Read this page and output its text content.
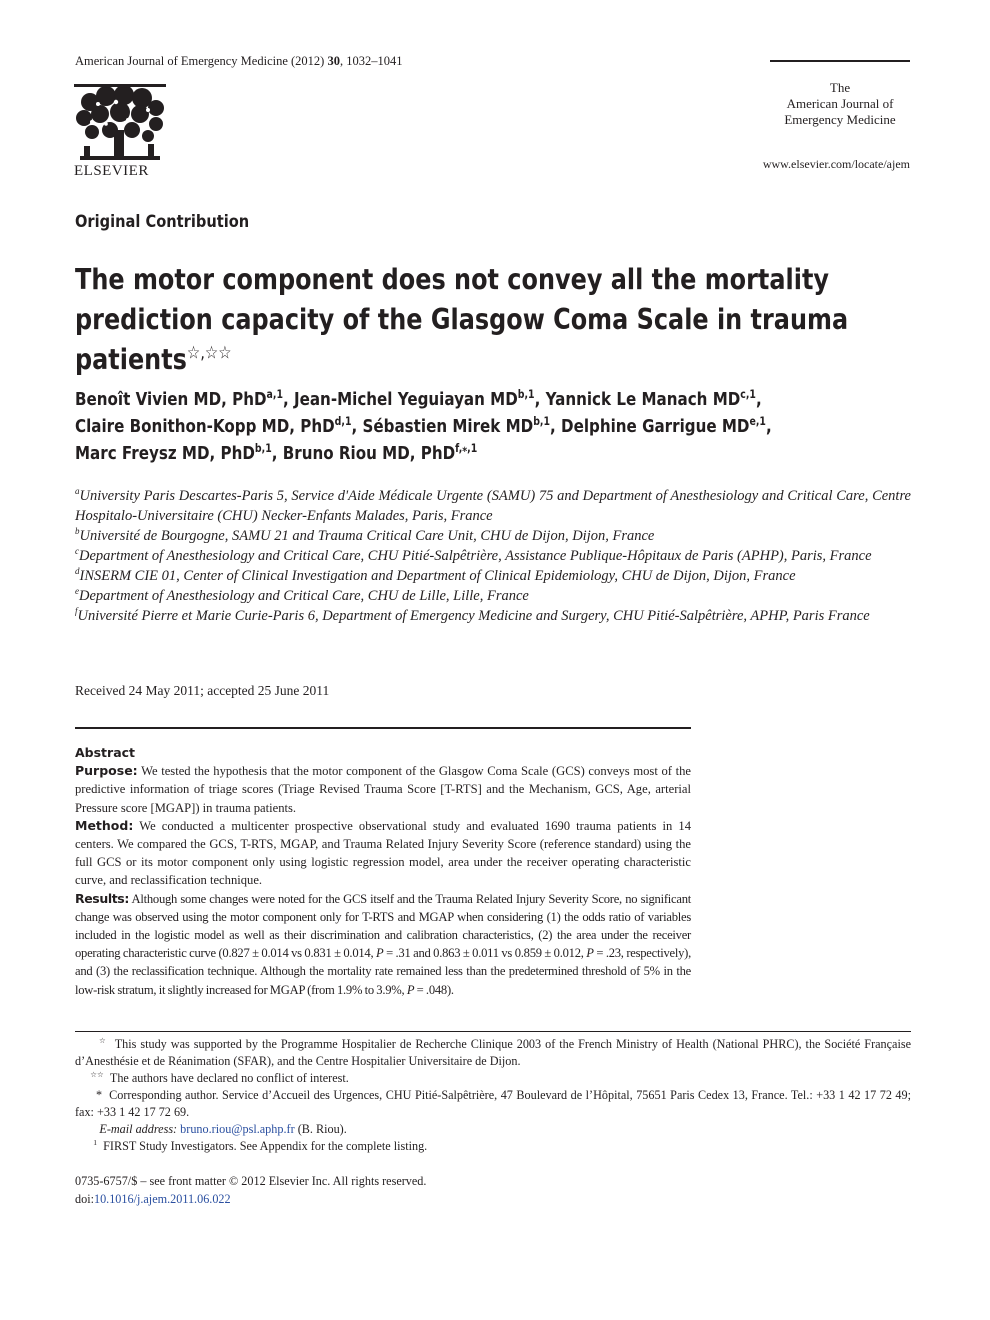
American Journal of Emergency Medicine (2012) 30, 1032–1041
ELSEVIER
The
American Journal of
Emergency Medicine
www.elsevier.com/locate/ajem
Original Contribution
The motor component does not convey all the mortality prediction capacity of the Glasgow Coma Scale in trauma patients☆,☆☆
Benoît Vivien MD, PhD$^{a,1}$, Jean-Michel Yeguiayan MD$^{b,1}$, Yannick Le Manach MD$^{c,1}$,
Claire Bonithon-Kopp MD, PhD$^{d,1}$, Sébastien Mirek MD$^{b,1}$, Delphine Garrigue MD$^{e,1}$,
Marc Freysz MD, PhD$^{b,1}$, Bruno Riou MD, PhD$^{f,⁎,1}$
$^a$University Paris Descartes-Paris 5, Service d'Aide Médicale Urgente (SAMU) 75 and Department of Anesthesiology and Critical Care, Centre Hospitalo-Universitaire (CHU) Necker-Enfants Malades, Paris, France
$^b$Université de Bourgogne, SAMU 21 and Trauma Critical Care Unit, CHU de Dijon, Dijon, France
$^c$Department of Anesthesiology and Critical Care, CHU Pitié-Salpêtrière, Assistance Publique-Hôpitaux de Paris (APHP), Paris, France
$^d$INSERM CIE 01, Center of Clinical Investigation and Department of Clinical Epidemiology, CHU de Dijon, Dijon, France
$^e$Department of Anesthesiology and Critical Care, CHU de Lille, Lille, France
$^f$Université Pierre et Marie Curie-Paris 6, Department of Emergency Medicine and Surgery, CHU Pitié-Salpêtrière, APHP, Paris France
Received 24 May 2011; accepted 25 June 2011
Abstract

Purpose: We tested the hypothesis that the motor component of the Glasgow Coma Scale (GCS) conveys most of the predictive information of triage scores (Triage Revised Trauma Score [T-RTS] and the Mechanism, GCS, Age, arterial Pressure score [MGAP]) in trauma patients.

Method: We conducted a multicenter prospective observational study and evaluated 1690 trauma patients in 14 centers. We compared the GCS, T-RTS, MGAP, and Trauma Related Injury Severity Score (reference standard) using the full GCS or its motor component only using logistic regression model, area under the receiver operating characteristic curve, and reclassification technique.

Results: Although some changes were noted for the GCS itself and the Trauma Related Injury Severity Score, no significant change was observed using the motor component only for T-RTS and MGAP when considering (1) the odds ratio of variables included in the logistic model as well as their discrimination and calibration characteristics, (2) the area under the receiver operating characteristic curve (0.827 ± 0.014 vs 0.831 ± 0.014, P = .31 and 0.863 ± 0.011 vs 0.859 ± 0.012, P = .23, respectively), and (3) the reclassification technique. Although the mortality rate remained less than the predetermined threshold of 5% in the low-risk stratum, it slightly increased for MGAP (from 1.9% to 3.9%, P = .048).

☆ This study was supported by the Programme Hospitalier de Recherche Clinique 2003 of the French Ministry of Health (National PHRC), the Société Française d’Anesthésie et de Réanimation (SFAR), and the Centre Hospitalier Universitaire de Dijon.

☆☆ The authors have declared no conflict of interest.

* Corresponding author. Service d’Accueil des Urgences, CHU Pitié-Salpêtrière, 47 Boulevard de l’Hôpital, 75651 Paris Cedex 13, France. Tel.: +33 1 42 17 72 49; fax: +33 1 42 17 72 69.

E-mail address: bruno.riou@psl.aphp.fr (B. Riou).

$^1$ FIRST Study Investigators. See Appendix for the complete listing.

0735-6757/$ – see front matter © 2012 Elsevier Inc. All rights reserved.
doi:10.1016/j.ajem.2011.06.022
